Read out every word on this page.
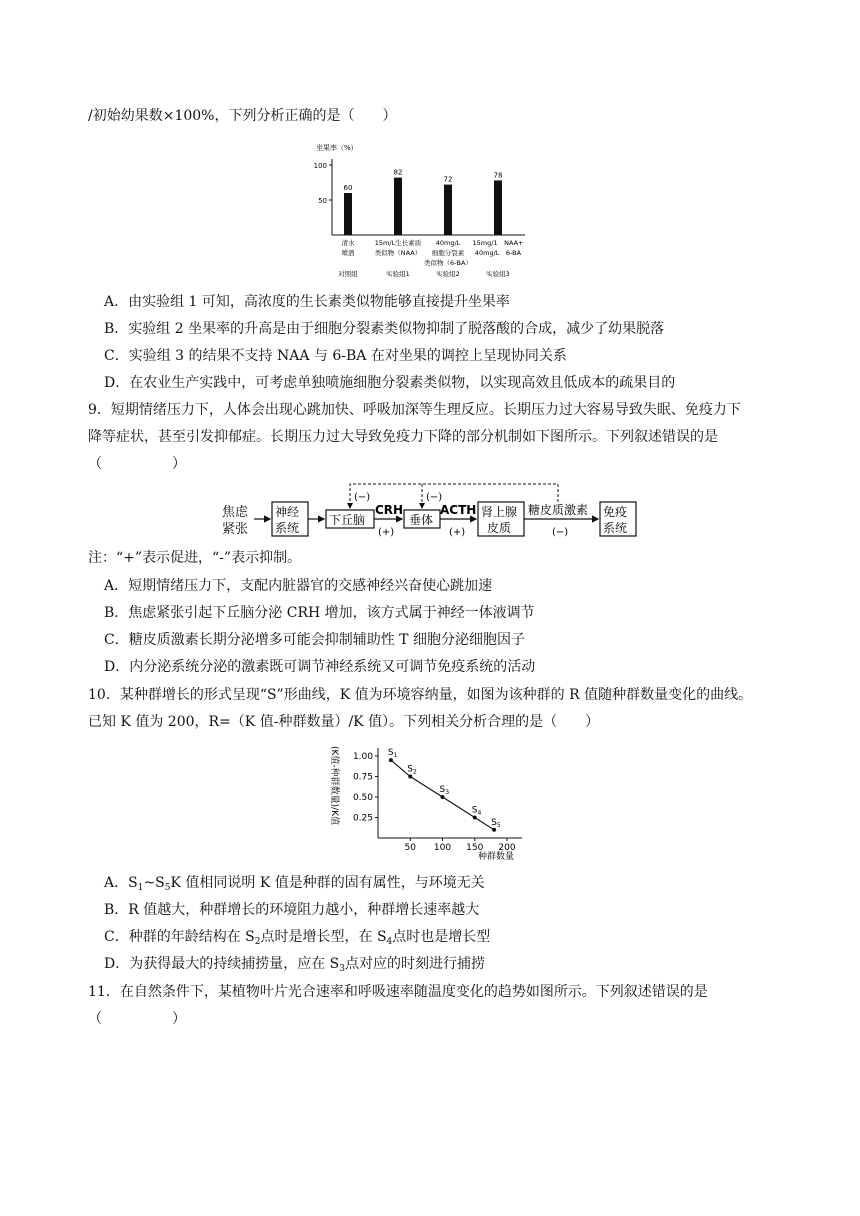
/初始幼果数×100%，下列分析正确的是（　　）
坐果率（%）
50
100
60
82
72
78
清水
喷洒
对照组
15m/L生长素质
类似物（NAA）
实验组1
40mg/L
细胞分裂素
类似物（6-BA）
实验组2
15mg/1　NAA+
40mg/L　6-BA
实验组3
A．由实验组 1 可知，高浓度的生长素类似物能够直接提升坐果率
B．实验组 2 坐果率的升高是由于细胞分裂素类似物抑制了脱落酸的合成，减少了幼果脱落
C．实验组 3 的结果不支持 NAA 与 6-BA 在对坐果的调控上呈现协同关系
D．在农业生产实践中，可考虑单独喷施细胞分裂素类似物，以实现高效且低成本的疏果目的
9．短期情绪压力下，人体会出现心跳加快、呼吸加深等生理反应。长期压力过大容易导致失眠、免疫力下
降等症状，甚至引发抑郁症。长期压力过大导致免疫力下降的部分机制如下图所示。下列叙述错误的是
（　　　　　）
焦虑
紧张
神经
系统
下丘脑
CRH
(+)
垂体
ACTH
(+)
肾上腺
皮质
糖皮质激素
(−)
免疫
系统
(−)	(−)
注：“+”表示促进，“-”表示抑制。
A．短期情绪压力下，支配内脏器官的交感神经兴奋使心跳加速
B．焦虑紧张引起下丘脑分泌 CRH 增加，该方式属于神经一体液调节
C．糖皮质激素长期分泌增多可能会抑制辅助性 T 细胞分泌细胞因子
D．内分泌系统分泌的激素既可调节神经系统又可调节免疫系统的活动
10．某种群增长的形式呈现“S”形曲线，K 值为环境容纳量，如图为该种群的 R 值随种群数量变化的曲线。
已知 K 值为 200，R=（K 值-种群数量）/K 值）。下列相关分析合理的是（　　）
(K值-种群数量)/K值 0.25
0.50
0.75
1.00
50 100 150 200
$S_1$
$S_2$
$S_3$
$S_4$
$S_5$
种群数量
A．$S_1\sim S_5K$ 值相同说明 K 值是种群的固有属性，与环境无关
B．R 值越大，种群增长的环境阻力越小，种群增长速率越大
C．种群的年龄结构在 $S_2$点时是增长型，在 $S_4$点时也是增长型
D．为获得最大的持续捕捞量，应在 $S_3$点对应的时刻进行捕捞
11．在自然条件下，某植物叶片光合速率和呼吸速率随温度变化的趋势如图所示。下列叙述错误的是
（　　　　　）
